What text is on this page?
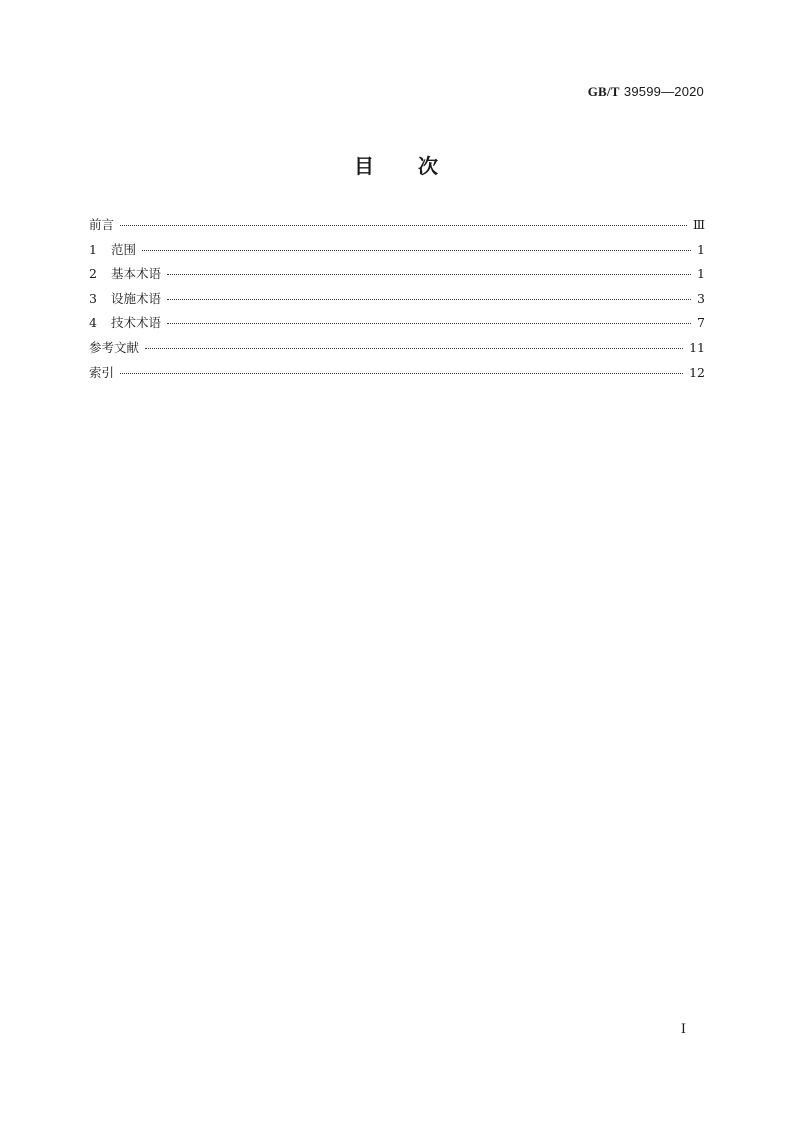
GB/T 39599—2020
目 次
前言	Ⅲ
1	范围	1
2	基本术语	1
3	设施术语	3
4	技术术语	7
参考文献	11
索引	12
I
